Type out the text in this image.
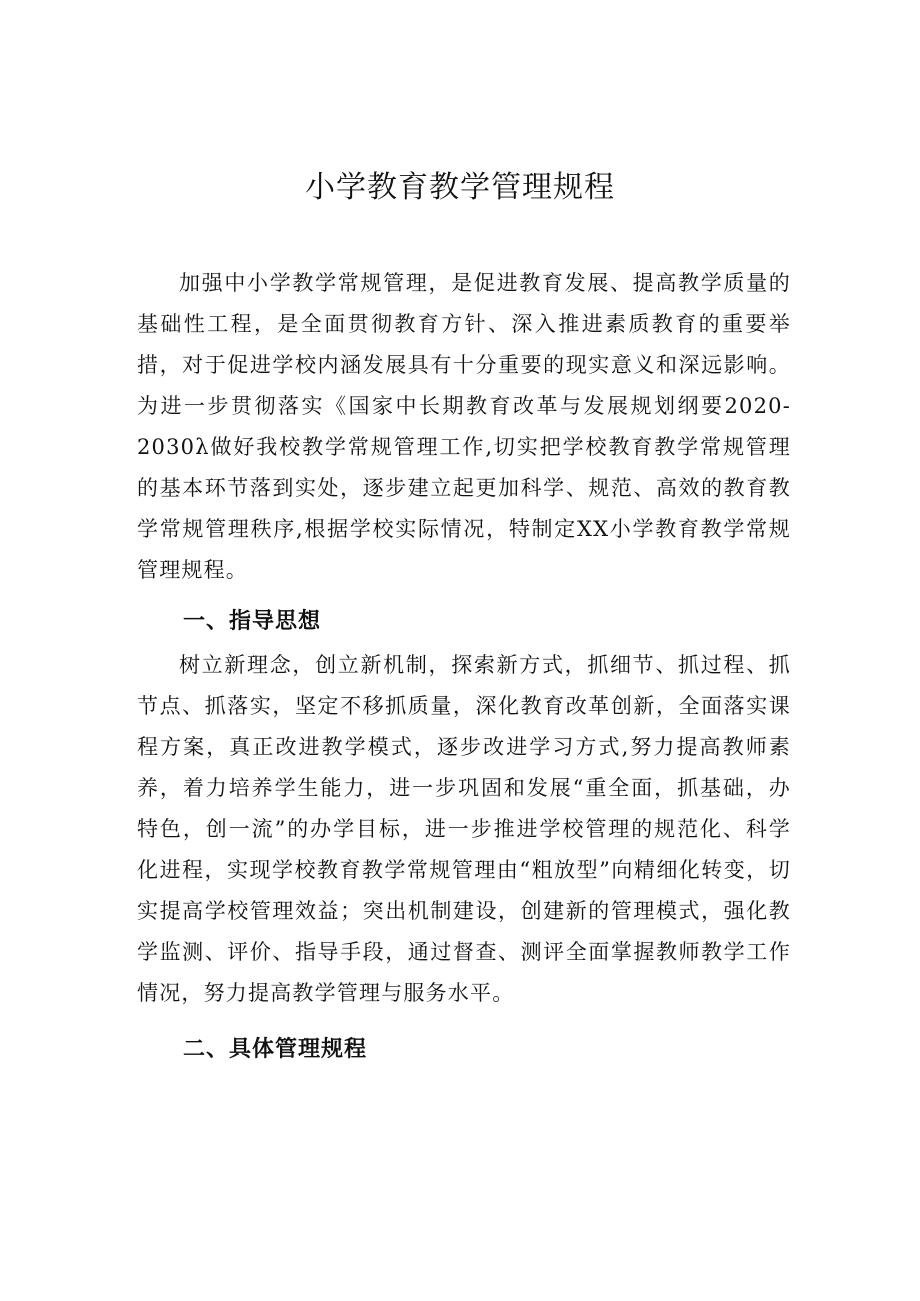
小学教育教学管理规程

加强中小学教学常规管理，是促进教育发展、提高教学质量的基础性工程，是全面贯彻教育方针、深入推进素质教育的重要举措，对于促进学校内涵发展具有十分重要的现实意义和深远影响。为进一步贯彻落实《国家中长期教育改革与发展规划纲要2020-2030λ做好我校教学常规管理工作,切实把学校教育教学常规管理的基本环节落到实处，逐步建立起更加科学、规范、高效的教育教学常规管理秩序,根据学校实际情况，特制定XX小学教育教学常规管理规程。

一、指导思想

树立新理念，创立新机制，探索新方式，抓细节、抓过程、抓节点、抓落实，坚定不移抓质量，深化教育改革创新，全面落实课程方案，真正改进教学模式，逐步改进学习方式,努力提高教师素养，着力培养学生能力，进一步巩固和发展“重全面，抓基础，办特色，创一流”的办学目标，进一步推进学校管理的规范化、科学化进程，实现学校教育教学常规管理由“粗放型”向精细化转变，切实提高学校管理效益；突出机制建设，创建新的管理模式，强化教学监测、评价、指导手段，通过督查、测评全面掌握教师教学工作情况，努力提高教学管理与服务水平。

二、具体管理规程
